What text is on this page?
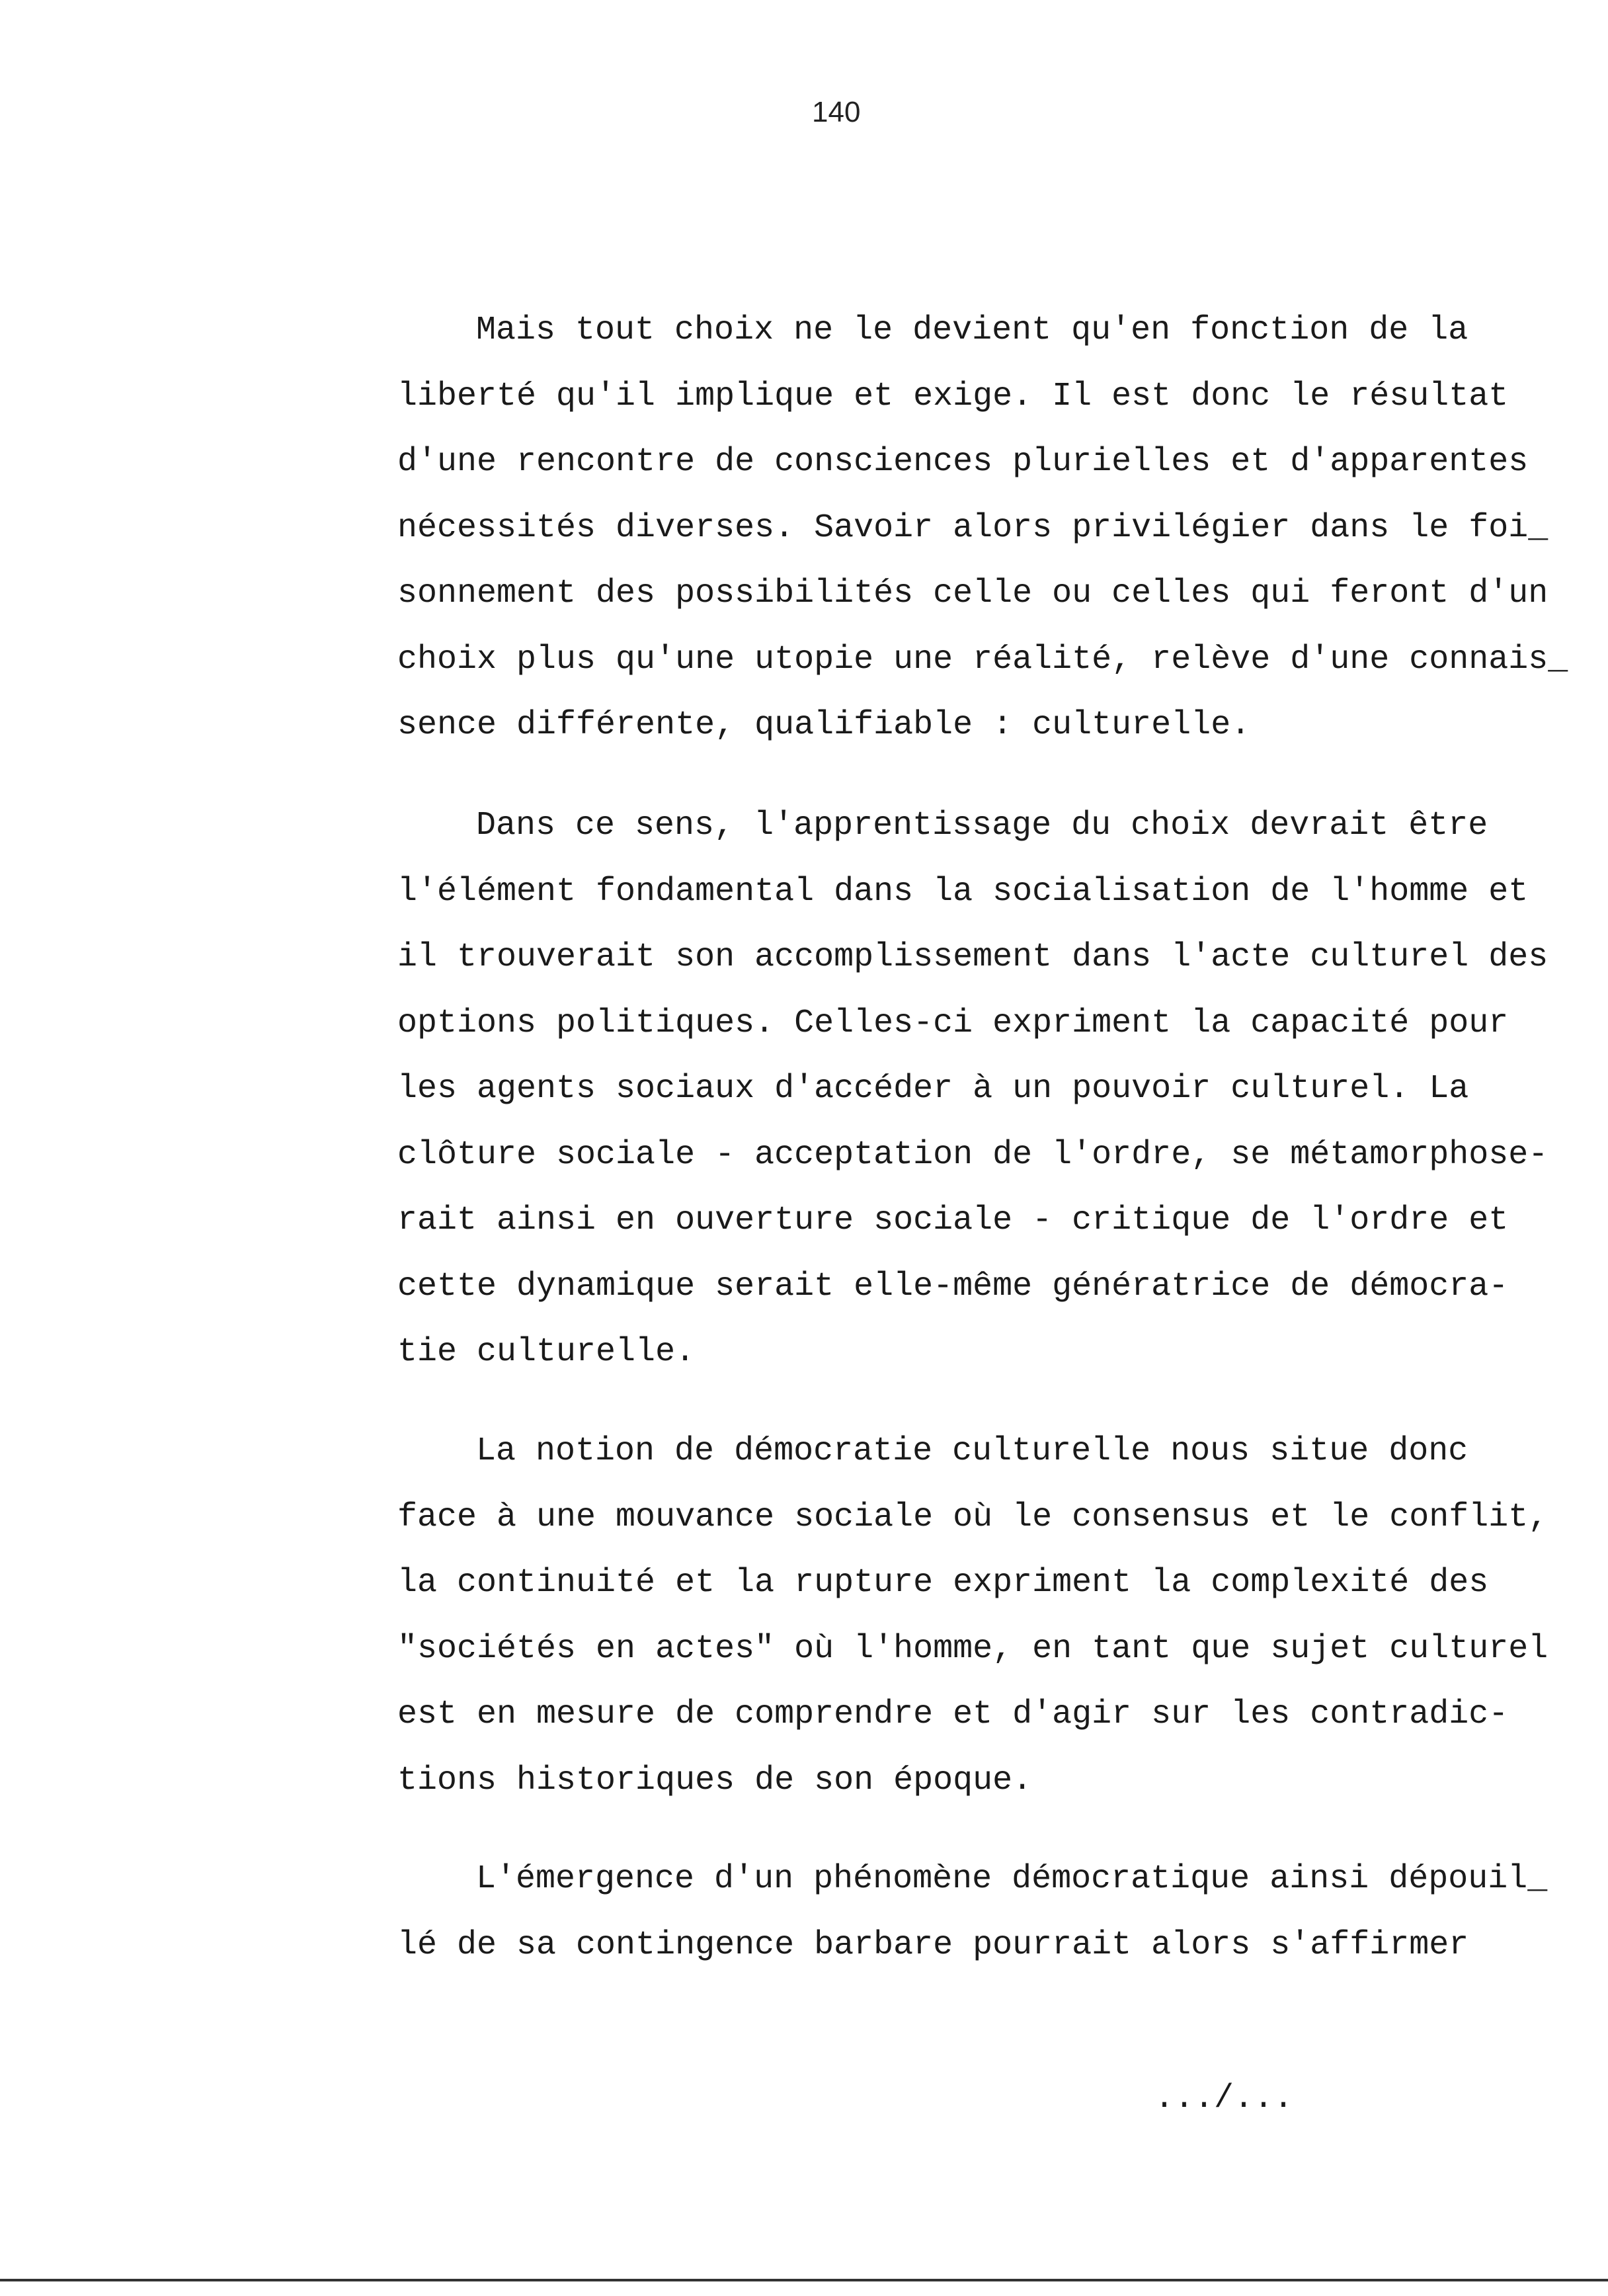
140
Mais tout choix ne le devient qu'en fonction de la
liberté qu'il implique et exige. Il est donc le résultat
d'une rencontre de consciences plurielles et d'apparentes
nécessités diverses. Savoir alors privilégier dans le foi_
sonnement des possibilités celle ou celles qui feront d'un
choix plus qu'une utopie une réalité, relève d'une connais_
sence différente, qualifiable : culturelle.
Dans ce sens, l'apprentissage du choix devrait être
l'élément fondamental dans la socialisation de l'homme et
il trouverait son accomplissement dans l'acte culturel des
options politiques. Celles-ci expriment la capacité pour
les agents sociaux d'accéder à un pouvoir culturel. La
clôture sociale - acceptation de l'ordre, se métamorphose-
rait ainsi en ouverture sociale - critique de l'ordre et
cette dynamique serait elle-même génératrice de démocra-
tie culturelle.
La notion de démocratie culturelle nous situe donc
face à une mouvance sociale où le consensus et le conflit,
la continuité et la rupture expriment la complexité des
"sociétés en actes" où l'homme, en tant que sujet culturel
est en mesure de comprendre et d'agir sur les contradic-
tions historiques de son époque.
L'émergence d'un phénomène démocratique ainsi dépouil_
lé de sa contingence barbare pourrait alors s'affirmer
.../...
